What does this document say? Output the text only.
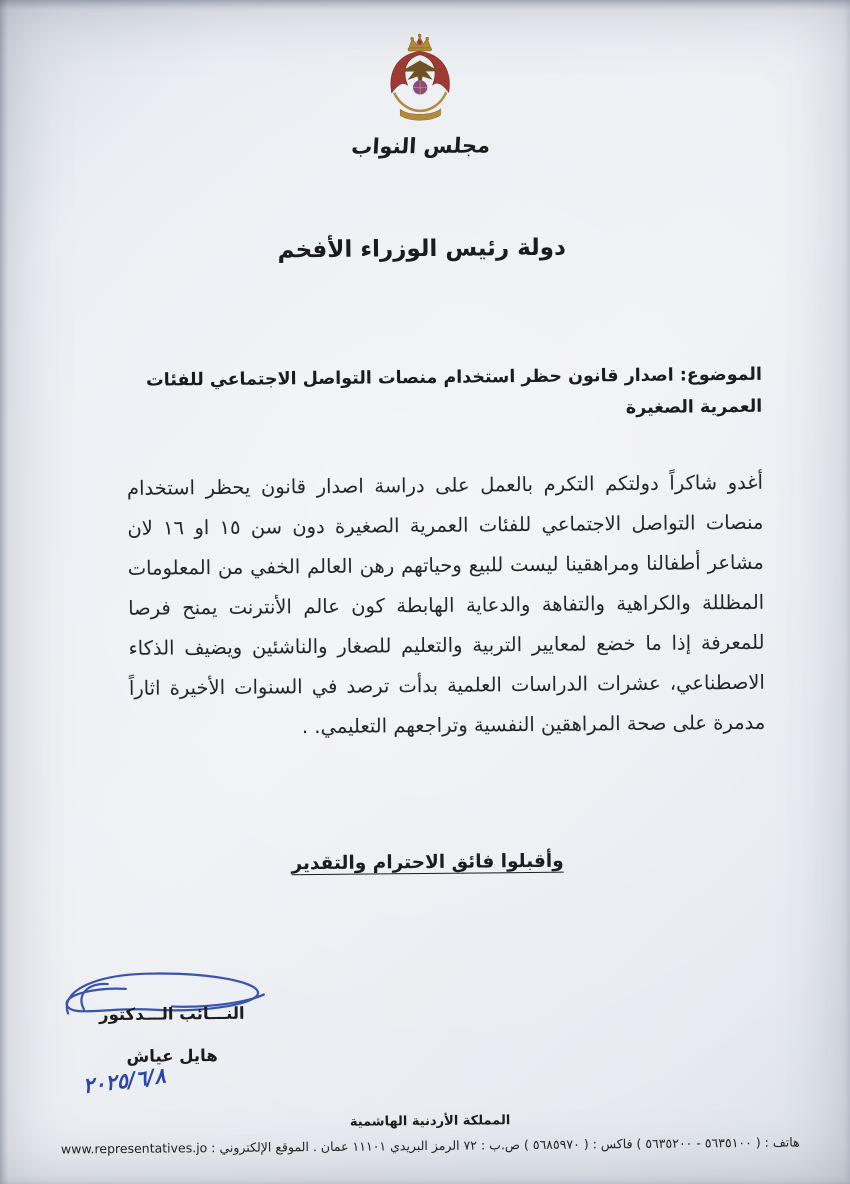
مجلس النواب
دولة رئيس الوزراء الأفخم
الموضوع: اصدار قانون حظر استخدام منصات التواصل الاجتماعي للفئات العمرية الصغيرة

أغدو شاكراً دولتكم التكرم بالعمل على دراسة اصدار قانون يحظر استخدام منصات التواصل الاجتماعي للفئات العمرية الصغيرة دون سن ١٥ او ١٦ لان مشاعر أطفالنا ومراهقينا ليست للبيع وحياتهم رهن العالم الخفي من المعلومات المظللة والكراهية والتفاهة والدعاية الهابطة كون عالم الأنترنت يمنح فرصا للمعرفة إذا ما خضع لمعايير التربية والتعليم للصغار والناشئين ويضيف الذكاء الاصطناعي، عشرات الدراسات العلمية بدأت ترصد في السنوات الأخيرة اثاراً مدمرة على صحة المراهقين النفسية وتراجعهم التعليمي. .

وأقبلوا فائق الاحترام والتقدير
النـــائب الـــدكتور
هايل عياش
٢٠٢٥/٦/٨
المملكة الأردنية الهاشمية
هاتف : ( ٥٦٣٥١٠٠ - ٥٦٣٥٢٠٠ ) فاكس : ( ٥٦٨٥٩٧٠ ) ص.ب : ٧٢ الرمز البريدي ١١١٠١ عمان . الموقع الإلكتروني : www.representatives.jo
